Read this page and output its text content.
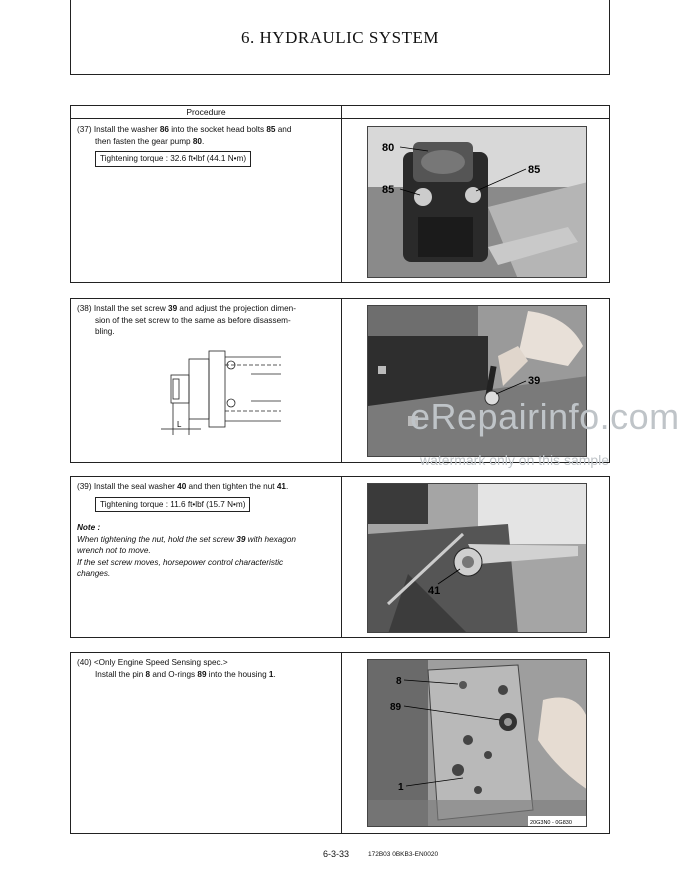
6. HYDRAULIC SYSTEM
Procedure
(37) Install the washer 86 into the socket head bolts 85 and
then fasten the gear pump 80.
Tightening torque : 32.6 ft•lbf (44.1 N•m)
80
85
85
(38) Install the set screw 39 and adjust the projection dimen-
sion of the set screw to the same as before disassem-
bling.
L
39
(39) Install the seal washer 40 and then tighten the nut 41.
Tightening torque : 11.6 ft•lbf (15.7 N•m)
Note :
When tightening the nut, hold the set screw 39 with hexagon
wrench not to move.
If the set screw moves, horsepower control characteristic
changes.
41
(40) <Only Engine Speed Sensing spec.>
Install the pin 8 and O-rings 89 into the housing 1.
8
89
1
20G3N0 - 0G830
eRepairinfo.com
watermark only on this sample
6-3-33	172B03 0BKB3-EN0020
